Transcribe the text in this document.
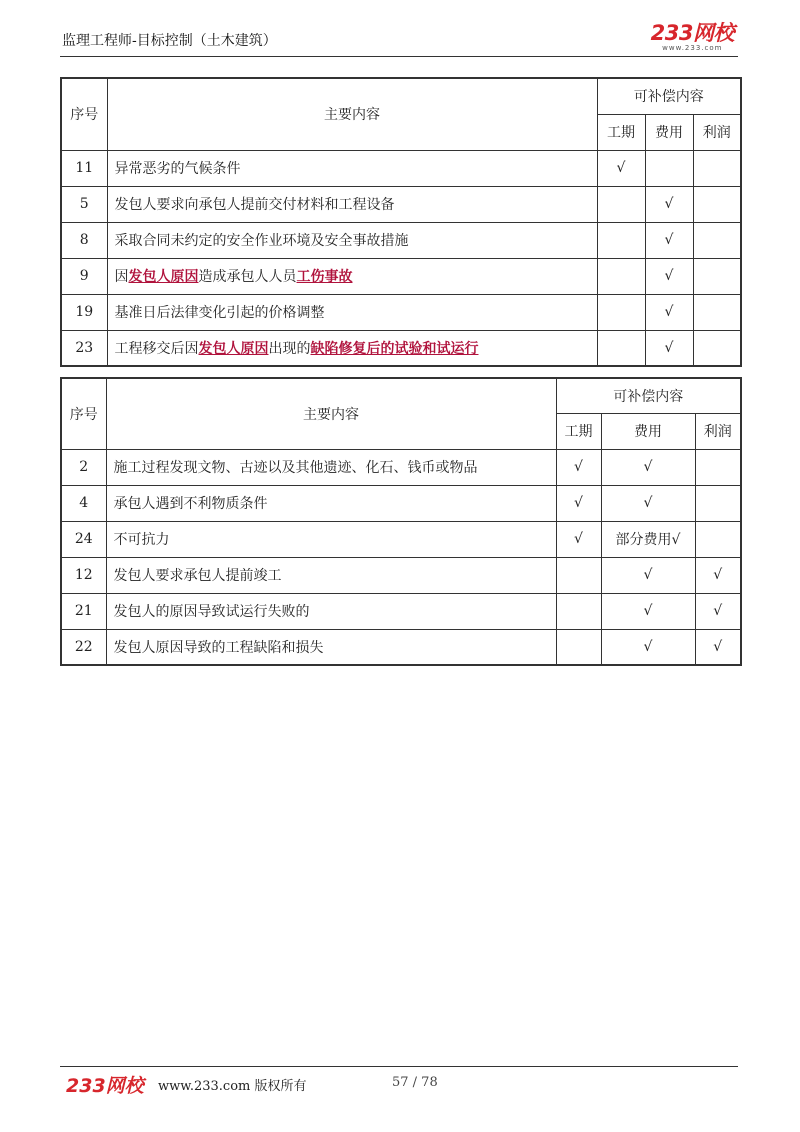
监理工程师-目标控制（土木建筑）	233网校
www.233.com
序号	主要内容	可补偿内容		
		工期	费用	利润
11	异常恶劣的气候条件	√		
5	发包人要求向承包人提前交付材料和工程设备		√	
8	采取合同未约定的安全作业环境及安全事故措施		√	
9	因发包人原因造成承包人人员工伤事故		√	
19	基准日后法律变化引起的价格调整		√	
23	工程移交后因发包人原因出现的缺陷修复后的试验和试运行		√	
序号	主要内容	可补偿内容		
		工期	费用	利润
2	施工过程发现文物、古迹以及其他遗迹、化石、钱币或物品	√	√	
4	承包人遇到不利物质条件	√	√	
24	不可抗力	√	部分费用√	
12	发包人要求承包人提前竣工		√	√
21	发包人的原因导致试运行失败的		√	√
22	发包人原因导致的工程缺陷和损失		√	√
233网校 www.233.com 版权所有	57 / 78
